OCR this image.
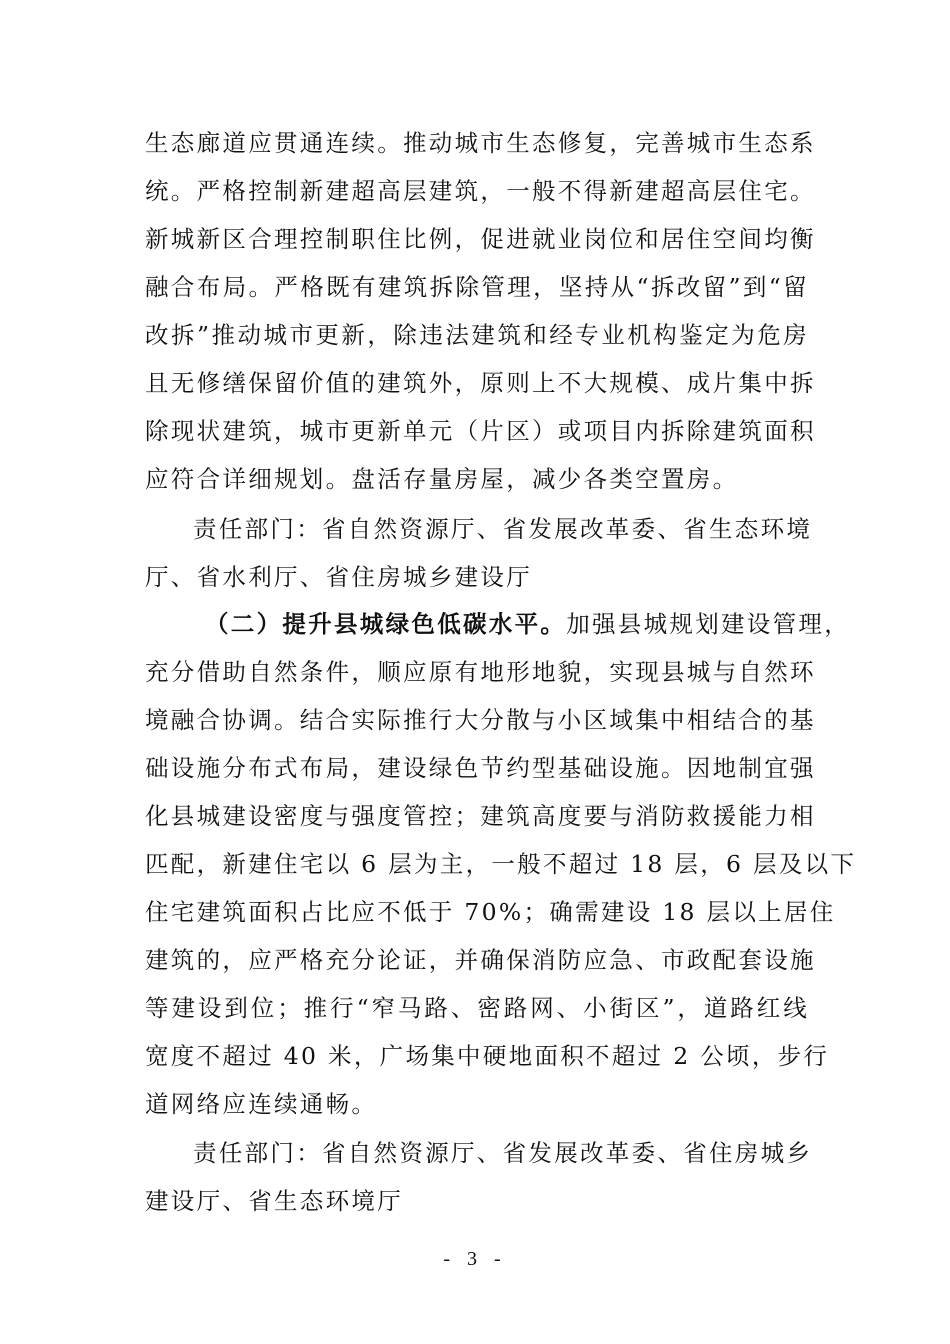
生态廊道应贯通连续。推动城市生态修复，完善城市生态系
统。严格控制新建超高层建筑，一般不得新建超高层住宅。
新城新区合理控制职住比例，促进就业岗位和居住空间均衡
融合布局。严格既有建筑拆除管理，坚持从“拆改留”到“留
改拆”推动城市更新，除违法建筑和经专业机构鉴定为危房
且无修缮保留价值的建筑外，原则上不大规模、成片集中拆
除现状建筑，城市更新单元（片区）或项目内拆除建筑面积
应符合详细规划。盘活存量房屋，减少各类空置房。
责任部门：省自然资源厅、省发展改革委、省生态环境
厅、省水利厅、省住房城乡建设厅
（二）提升县城绿色低碳水平。加强县城规划建设管理，
充分借助自然条件，顺应原有地形地貌，实现县城与自然环
境融合协调。结合实际推行大分散与小区域集中相结合的基
础设施分布式布局，建设绿色节约型基础设施。因地制宜强
化县城建设密度与强度管控；建筑高度要与消防救援能力相
匹配，新建住宅以 6 层为主，一般不超过 18 层，6 层及以下
住宅建筑面积占比应不低于 70%；确需建设 18 层以上居住
建筑的，应严格充分论证，并确保消防应急、市政配套设施
等建设到位；推行“窄马路、密路网、小街区”，道路红线
宽度不超过 40 米，广场集中硬地面积不超过 2 公顷，步行
道网络应连续通畅。
责任部门：省自然资源厅、省发展改革委、省住房城乡
建设厅、省生态环境厅
- 3 -
